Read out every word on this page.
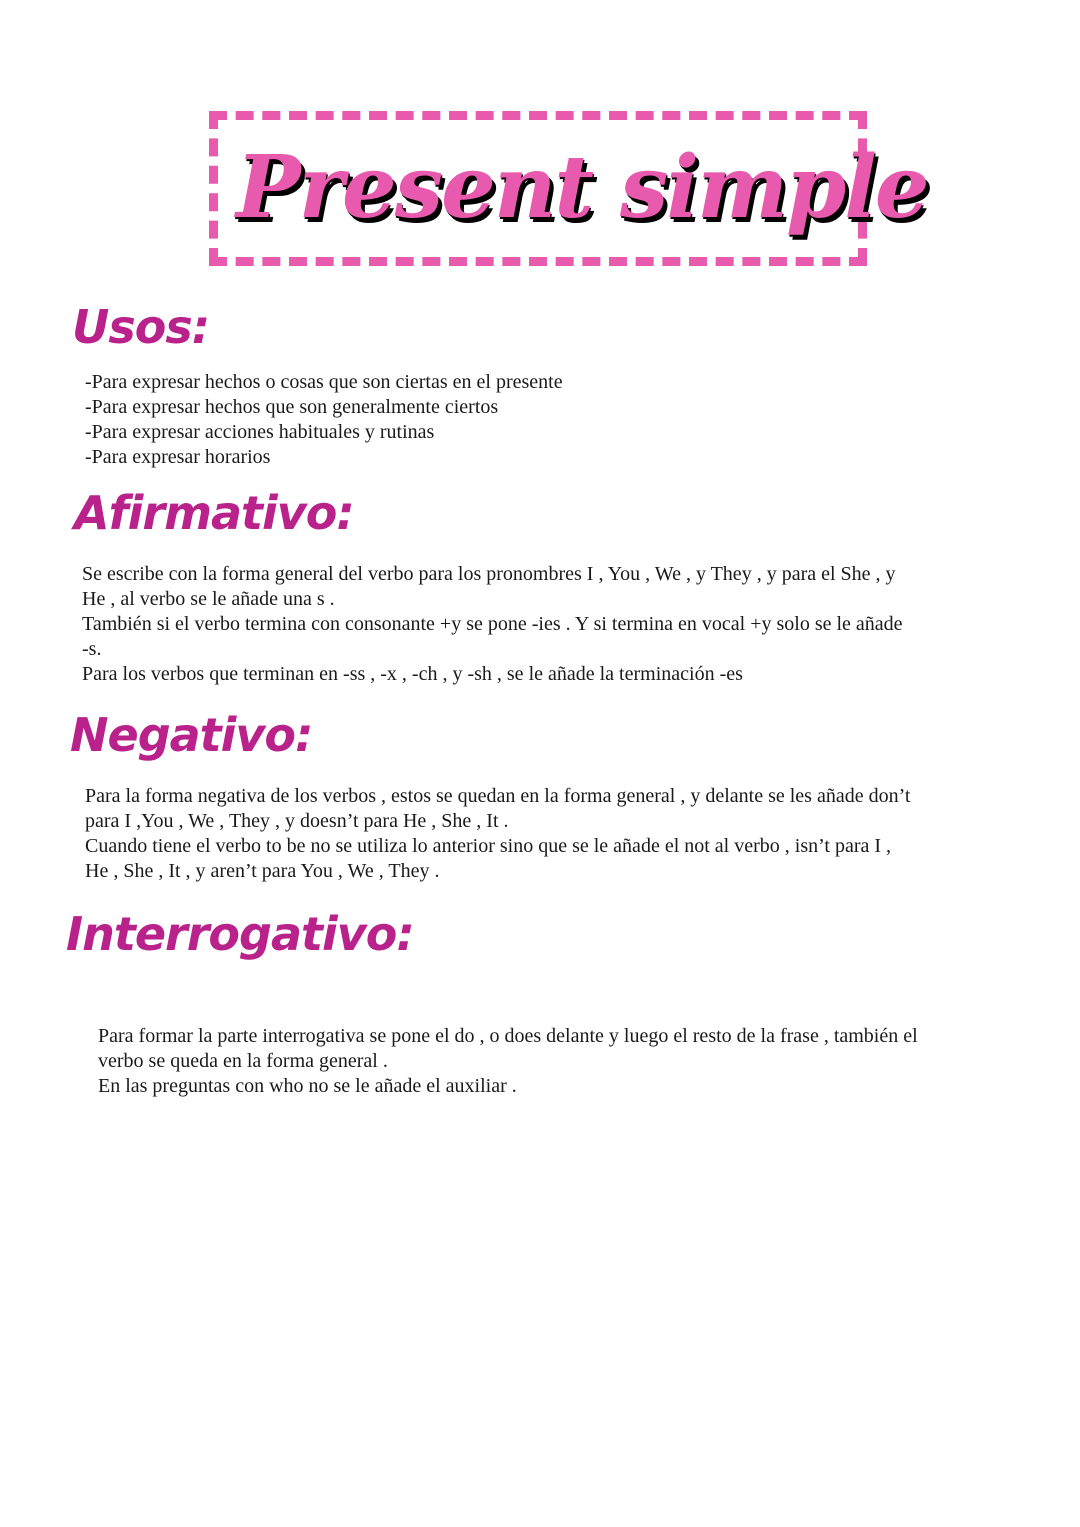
Present simple
Usos:

-Para expresar hechos o cosas que son ciertas en el presente

-Para expresar hechos que son generalmente ciertos

-Para expresar acciones habituales y rutinas

-Para expresar horarios

Afirmativo:

Se escribe con la forma general del verbo para los pronombres I , You , We , y They , y para el She , y

He , al verbo se le añade una s .

También si el verbo termina con consonante +y se pone -ies . Y si termina en vocal +y solo se le añade

-s.

Para los verbos que terminan en -ss , -x , -ch , y -sh , se le añade la terminación -es

Negativo:

Para la forma negativa de los verbos , estos se quedan en la forma general , y delante se les añade don’t

para I ,You , We , They , y doesn’t para He , She , It .

Cuando tiene el verbo to be no se utiliza lo anterior sino que se le añade el not al verbo , isn’t para I ,

He , She , It , y aren’t para You , We , They .

Interrogativo:

Para formar la parte interrogativa se pone el do , o does delante y luego el resto de la frase , también el

verbo se queda en la forma general .

En las preguntas con who no se le añade el auxiliar .
